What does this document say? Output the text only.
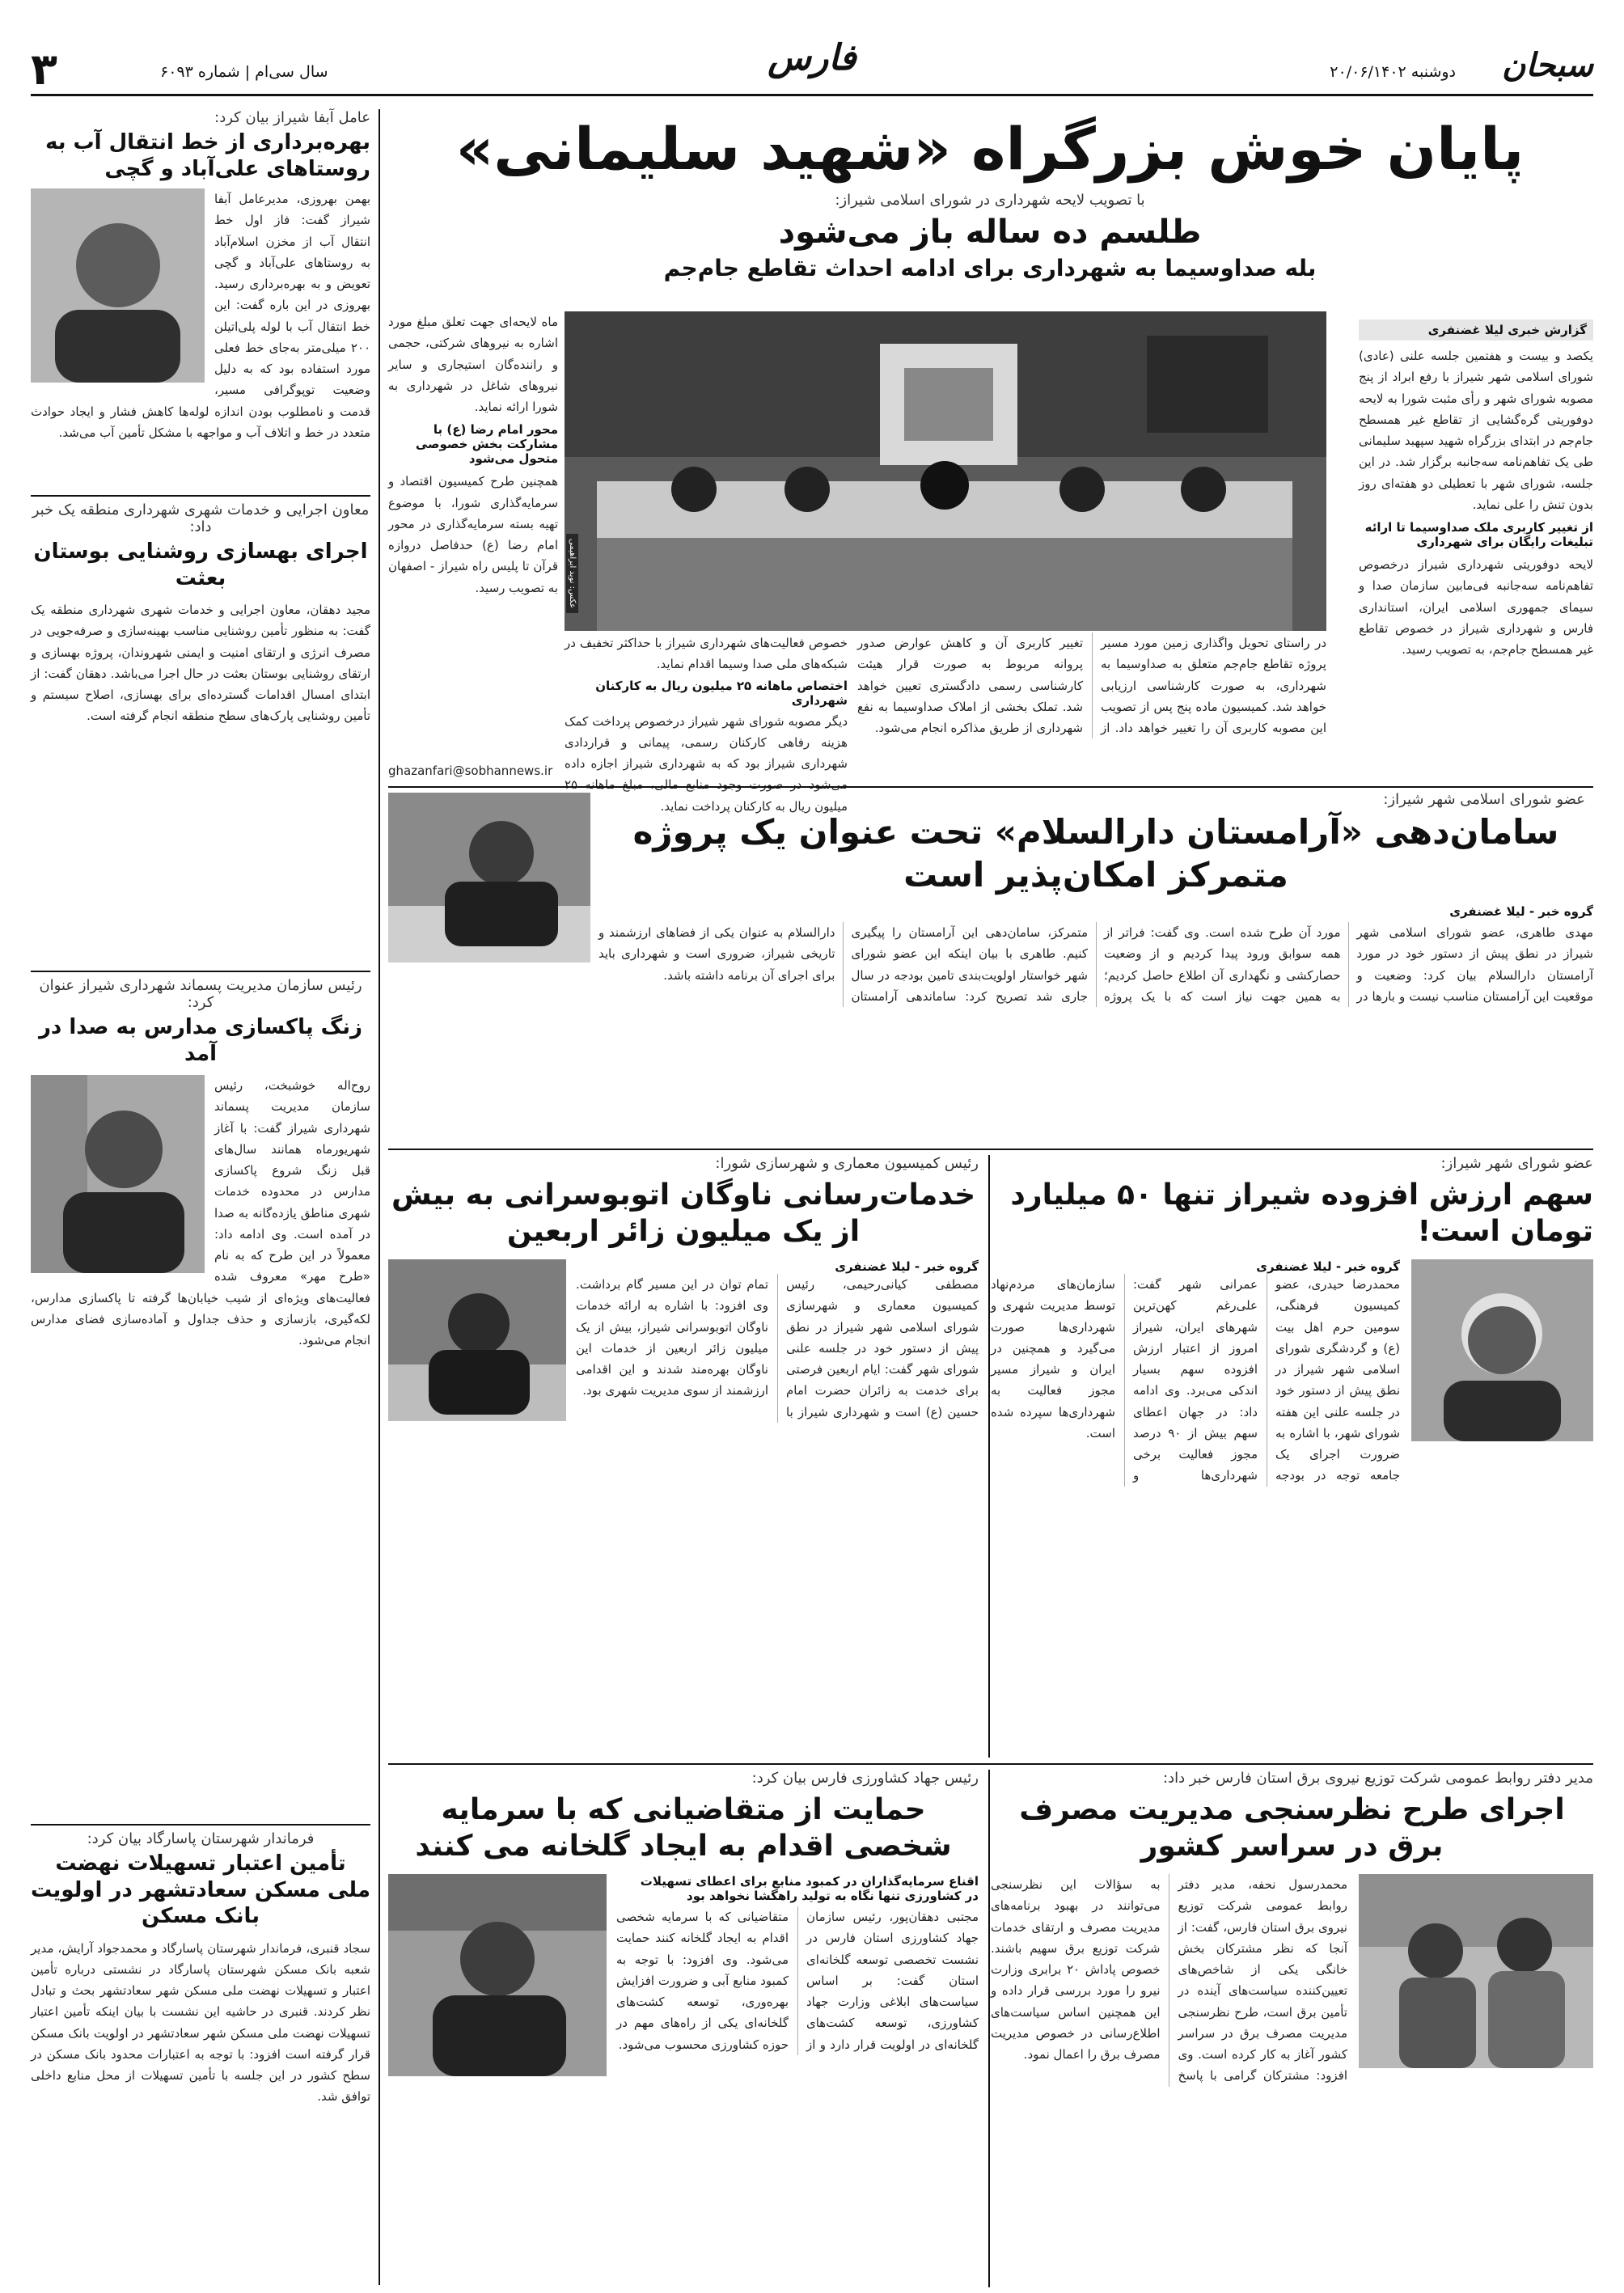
سبحان
دوشنبه ۲۰/۰۶/۱۴۰۲
فارس
سال سی‌ام | شماره ۶۰۹۳
۳
پایان خوش بزرگراه «شهید سلیمانی»
با تصویب لایحه شهرداری در شورای اسلامی شیراز:
طلسم ده ساله باز می‌شود
بله صداوسیما به شهرداری برای ادامه احداث تقاطع جام‌جم
گزارش خبری لیلا غضنفری
یکصد و بیست و هفتمین جلسه علنی (عادی) شورای اسلامی شهر شیراز با رفع ابراد از پنج مصوبه شورای شهر و رأی مثبت شورا به لایحه دوفوریتی گره‌گشایی از تقاطع غیر همسطح جام‌جم در ابتدای بزرگراه شهید سپهبد سلیمانی طی یک تفاهم‌نامه سه‌جانبه برگزار شد. در این جلسه، شورای شهر با تعطیلی دو هفته‌ای روز بدون تنش را علی نماید.
از تغییر کاربری ملک صداوسیما تا ارائه تبلیغات رایگان برای شهرداری
لایحه دوفوریتی شهرداری شیراز درخصوص تفاهم‌نامه سه‌جانبه فی‌مابین سازمان صدا و سیمای جمهوری اسلامی ایران، استانداری فارس و شهرداری شیراز در خصوص تقاطع غیر همسطح جام‌جم، به تصویب رسید.
عکس: نوید ابراهیمی
در راستای تحویل واگذاری زمین مورد مسیر پروژه تقاطع جام‌جم متعلق به صداوسیما به شهرداری، به صورت کارشناسی ارزیابی خواهد شد. کمیسیون ماده پنج پس از تصویب این مصوبه کاربری آن را تغییر خواهد داد. از تغییر کاربری آن و کاهش عوارض صدور پروانه مربوط به صورت قرار هیئت کارشناسی رسمی دادگستری تعیین خواهد شد. تملک بخشی از املاک صداوسیما به نفع شهرداری از طریق مذاکره انجام می‌شود.
ماه لایحه‌ای جهت تعلق مبلغ مورد اشاره به نیروهای شرکتی، حجمی و راننده‌گان استیجاری و سایر نیروهای شاغل در شهرداری به شورا ارائه نماید.
محور امام رضا (ع) با مشارکت بخش خصوصی متحول می‌شود
همچنین طرح کمیسیون اقتصاد و سرمایه‌گذاری شورا، با موضوع تهیه بسته سرمایه‌گذاری در محور امام رضا (ع) حدفاصل دروازه قرآن تا پلیس راه شیراز - اصفهان به تصویب رسید.
خصوص فعالیت‌های شهرداری شیراز با حداکثر تخفیف در شبکه‌های ملی صدا وسیما اقدام نماید.
اختصاص ماهانه ۲۵ میلیون ریال به کارکنان شهرداری
دیگر مصوبه شورای شهر شیراز درخصوص پرداخت کمک هزینه رفاهی کارکنان رسمی، پیمانی و قراردادی شهرداری شیراز بود که به شهرداری شیراز اجازه داده می‌شود در صورت وجود منابع مالی، مبلغ ماهانه ۲۵ میلیون ریال به کارکنان پرداخت نماید.
ghazanfari@sobhannews.ir
عامل آبفا شیراز بیان کرد:
بهره‌برداری از خط انتقال آب به روستاهای علی‌آباد و گچی
بهمن بهروزی، مدیرعامل آبفا شیراز گفت: فاز اول خط انتقال آب از مخزن اسلام‌آباد به روستاهای علی‌آباد و گچی تعویض و به بهره‌برداری رسید. بهروزی در این باره گفت: این خط انتقال آب با لوله پلی‌اتیلن ۲۰۰ میلی‌متر به‌جای خط فعلی مورد استفاده بود که به دلیل وضعیت توپوگرافی مسیر، قدمت و نامطلوب بودن اندازه لوله‌ها کاهش فشار و ایجاد حوادث متعدد در خط و اتلاف آب و مواجهه با مشکل تأمین آب می‌شد.
معاون اجرایی و خدمات شهری شهرداری منطقه یک خبر داد:
اجرای بهسازی روشنایی بوستان بعثت
مجید دهقان، معاون اجرایی و خدمات شهری شهرداری منطقه یک گفت: به منظور تأمین روشنایی مناسب بهینه‌سازی و صرفه‌جویی در مصرف انرژی و ارتقای امنیت و ایمنی شهروندان، پروژه بهسازی و ارتقای روشنایی بوستان بعثت در حال اجرا می‌باشد. دهقان گفت: از ابتدای امسال اقدامات گسترده‌ای برای بهسازی، اصلاح سیستم و تأمین روشنایی پارک‌های سطح منطقه انجام گرفته است.
رئیس سازمان مدیریت پسماند شهرداری شیراز عنوان کرد:
زنگ پاکسازی مدارس به صدا در آمد
روح‌اله خوشبخت، رئیس سازمان مدیریت پسماند شهرداری شیراز گفت: با آغاز شهریورماه همانند سال‌های قبل زنگ شروع پاکسازی مدارس در محدوده خدمات شهری مناطق یازده‌گانه به صدا در آمده است. وی ادامه داد: معمولاً در این طرح که به نام «طرح مهر» معروف شده فعالیت‌های ویژه‌ای از شیب خیابان‌ها گرفته تا پاکسازی مدارس، لکه‌گیری، بازسازی و حذف جداول و آماده‌سازی فضای مدارس انجام می‌شود.
فرماندار شهرستان پاسارگاد بیان کرد:
تأمین اعتبار تسهیلات نهضت ملی مسکن سعادتشهر در اولویت بانک مسکن
سجاد قنبری، فرماندار شهرستان پاسارگاد و محمدجواد آرایش، مدیر شعبه بانک مسکن شهرستان پاسارگاد در نشستی درباره تأمین اعتبار و تسهیلات نهضت ملی مسکن شهر سعادتشهر بحث و تبادل نظر کردند. قنبری در حاشیه این نشست با بیان اینکه تأمین اعتبار تسهیلات نهضت ملی مسکن شهر سعادتشهر در اولویت بانک مسکن قرار گرفته است افزود: با توجه به اعتبارات محدود بانک مسکن در سطح کشور در این جلسه با تأمین تسهیلات از محل منابع داخلی توافق شد.
عضو شورای اسلامی شهر شیراز:
سامان‌دهی «آرامستان دارالسلام» تحت عنوان یک پروژه متمرکز امکان‌پذیر است
گروه خبر - لیلا غضنفری
مهدی طاهری، عضو شورای اسلامی شهر شیراز در نطق پیش از دستور خود در مورد آرامستان دارالسلام بیان کرد: وضعیت و موقعیت این آرامستان مناسب نیست و بارها در مورد آن طرح شده است. وی گفت: فراتر از همه سوابق ورود پیدا کردیم و از وضعیت حصارکشی و نگهداری آن اطلاع حاصل کردیم؛ به همین جهت نیاز است که با یک پروژه متمرکز، سامان‌دهی این آرامستان را پیگیری کنیم. طاهری با بیان اینکه این عضو شورای شهر خواستار اولویت‌بندی تامین بودجه در سال جاری شد تصریح کرد: ساماندهی آرامستان دارالسلام به عنوان یکی از فضاهای ارزشمند و تاریخی شیراز، ضروری است و شهرداری باید برای اجرای آن برنامه داشته باشد.
عضو شورای شهر شیراز:
سهم ارزش افزوده شیراز تنها ۵۰ میلیارد تومان است!
گروه خبر - لیلا غضنفری
محمدرضا حیدری، عضو کمیسیون فرهنگی، سومین حرم اهل بیت (ع) و گردشگری شورای اسلامی شهر شیراز در نطق پیش از دستور خود در جلسه علنی این هفته شورای شهر، با اشاره به ضرورت اجرای یک جامعه توجه در بودجه عمرانی شهر گفت: علی‌رغم کهن‌ترین شهرهای ایران، شیراز امروز از اعتبار ارزش افزوده سهم بسیار اندکی می‌برد. وی ادامه داد: در جهان اعطای سهم بیش از ۹۰ درصد مجوز فعالیت برخی شهرداری‌ها و سازمان‌های مردم‌نهاد توسط مدیریت شهری و شهرداری‌ها صورت می‌گیرد و همچنین در ایران و شیراز مسیر مجوز فعالیت به شهرداری‌ها سپرده شده است.
رئیس کمیسیون معماری و شهرسازی شورا:
خدمات‌رسانی ناوگان اتوبوسرانی به بیش از یک میلیون زائر اربعین
گروه خبر - لیلا غضنفری
مصطفی کیانی‌رحیمی، رئیس کمیسیون معماری و شهرسازی شورای اسلامی شهر شیراز در نطق پیش از دستور خود در جلسه علنی شورای شهر گفت: ایام اربعین فرصتی برای خدمت به زائران حضرت امام حسین (ع) است و شهرداری شیراز با تمام توان در این مسیر گام برداشت. وی افزود: با اشاره به ارائه خدمات ناوگان اتوبوسرانی شیراز، بیش از یک میلیون زائر اربعین از خدمات این ناوگان بهره‌مند شدند و این اقدامی ارزشمند از سوی مدیریت شهری بود.
رئیس جهاد کشاورزی فارس بیان کرد:
حمایت از متقاضیانی که با سرمایه شخصی اقدام به ایجاد گلخانه می کنند
اقناع سرمایه‌گذاران در کمبود منابع برای اعطای تسهیلات
در کشاورزی تنها نگاه به تولید راهگشا نخواهد بود
مجتبی دهقان‌پور، رئیس سازمان جهاد کشاورزی استان فارس در نشست تخصصی توسعه گلخانه‌ای استان گفت: بر اساس سیاست‌های ابلاغی وزارت جهاد کشاورزی، توسعه کشت‌های گلخانه‌ای در اولویت قرار دارد و از متقاضیانی که با سرمایه شخصی اقدام به ایجاد گلخانه کنند حمایت می‌شود. وی افزود: با توجه به کمبود منابع آبی و ضرورت افزایش بهره‌وری، توسعه کشت‌های گلخانه‌ای یکی از راه‌های مهم در حوزه کشاورزی محسوب می‌شود.
مدیر دفتر روابط عمومی شرکت توزیع نیروی برق استان فارس خبر داد:
اجرای طرح نظرسنجی مدیریت مصرف برق در سراسر کشور
محمدرسول نحفه، مدیر دفتر روابط عمومی شرکت توزیع نیروی برق استان فارس، گفت: از آنجا که نظر مشترکان بخش خانگی یکی از شاخص‌های تعیین‌کننده سیاست‌های آینده در تأمین برق است، طرح نظرسنجی مدیریت مصرف برق در سراسر کشور آغاز به کار کرده است. وی افزود: مشترکان گرامی با پاسخ به سؤالات این نظرسنجی می‌توانند در بهبود برنامه‌های مدیریت مصرف و ارتقای خدمات شرکت توزیع برق سهیم باشند. خصوص پاداش ۲۰ برابری وزارت نیرو را مورد بررسی قرار داده و این همچنین اساس سیاست‌های اطلاع‌رسانی در خصوص مدیریت مصرف برق را اعمال نمود.
